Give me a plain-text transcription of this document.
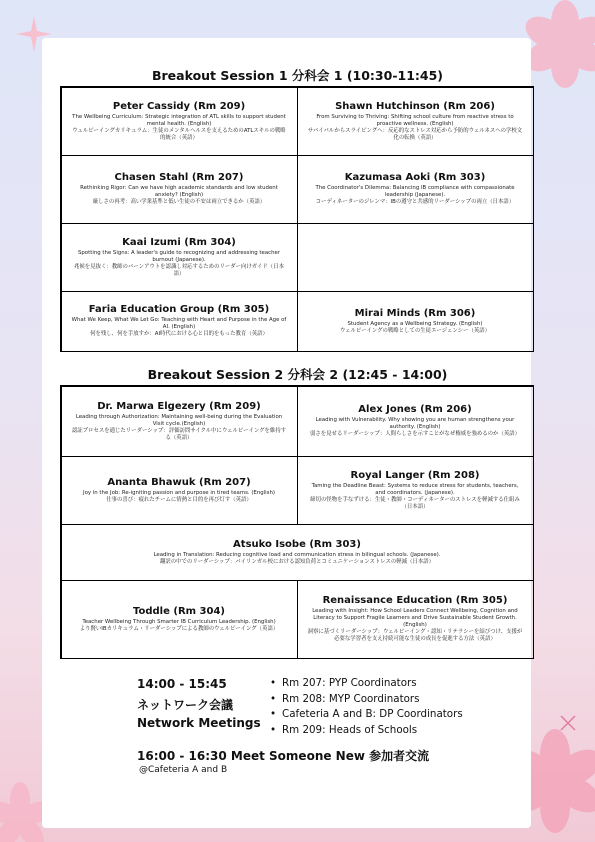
Breakout Session 1 分科会 1 (10:30-11:45)
Peter Cassidy (Rm 209)
The Wellbeing Curriculum: Strategic integration of ATL skills to support student mental health. (English)
ウェルビーイングカリキュラム：生徒のメンタルヘルスを支えるためのATLスキルの戦略的統合（英語）
Shawn Hutchinson (Rm 206)
From Surviving to Thriving: Shifting school culture from reactive stress to proactive wellness. (English)
サバイバルからスライビングへ：反応的なストレス対応から予防的ウェルネスへの学校文化の転換（英語）
Chasen Stahl (Rm 207)
Rethinking Rigor: Can we have high academic standards and low student anxiety? (English)
厳しさの再考：高い学業基準と低い生徒の不安は両立できるか（英語）
Kazumasa Aoki (Rm 303)
The Coordinator's Dilemma: Balancing IB compliance with compassionate leadership (Japanese).
コーディネーターのジレンマ：IBの遵守と共感的リーダーシップの両立（日本語）
Kaai Izumi (Rm 304)
Spotting the Signs: A leader's guide to recognizing and addressing teacher burnout (Japanese).
兆候を見抜く：教師のバーンアウトを認識し対応するためのリーダー向けガイド（日本語）
Faria Education Group (Rm 305)
What We Keep, What We Let Go: Teaching with Heart and Purpose in the Age of AI. (English)
何を残し、何を手放すか：AI時代における心と目的をもった教育（英語）
Mirai Minds (Rm 306)
Student Agency as a Wellbeing Strategy. (English)
ウェルビーイングの戦略としての生徒エージェンシー（英語）
Breakout Session 2 分科会 2 (12:45 - 14:00)
Dr. Marwa Elgezery (Rm 209)
Leading through Authorization: Maintaining well-being during the Evaluation Visit cycle.(English)
認証プロセスを通じたリーダーシップ：評価訪問サイクル中にウェルビーイングを維持する（英語）
Alex Jones (Rm 206)
Leading with Vulnerability. Why showing you are human strengthens your authority. (English)
弱さを見せるリーダーシップ：人間らしさを示すことがなぜ権威を強めるのか（英語）
Ananta Bhawuk (Rm 207)
Joy in the Job: Re-igniting passion and purpose in tired teams. (English)
仕事の喜び：疲れたチームに情熱と目的を再び灯す（英語）
Royal Langer (Rm 208)
Taming the Deadline Beast: Systems to reduce stress for students, teachers, and coordinators. (Japanese).
締切の怪物を手なずける：生徒・教師・コーディネーターのストレスを軽減する仕組み（日本語）
Atsuko Isobe (Rm 303)
Leading in Translation: Reducing cognitive load and communication stress in bilingual schools. (Japanese).
翻訳の中でのリーダーシップ：バイリンガル校における認知負荷とコミュニケーションストレスの軽減（日本語）
Toddle (Rm 304)
Teacher Wellbeing Through Smarter IB Curriculum Leadership. (English)
より賢いIBカリキュラム・リーダーシップによる教師のウェルビーイング（英語）
Renaissance Education (Rm 305)
Leading with Insight: How School Leaders Connect Wellbeing, Cognition and Literacy to Support Fragile Learners and Drive Sustainable Student Growth. (English)
洞察に基づくリーダーシップ：ウェルビーイング・認知・リテラシーを結びつけ、支援が必要な学習者を支え持続可能な生徒の成長を促進する方法（英語）
14:00 - 15:45
ネットワーク会議
Network Meetings
• Rm 207: PYP Coordinators
• Rm 208: MYP Coordinators
• Cafeteria A and B: DP Coordinators
• Rm 209: Heads of Schools
16:00 - 16:30 Meet Someone New 参加者交流
@Cafeteria A and B
